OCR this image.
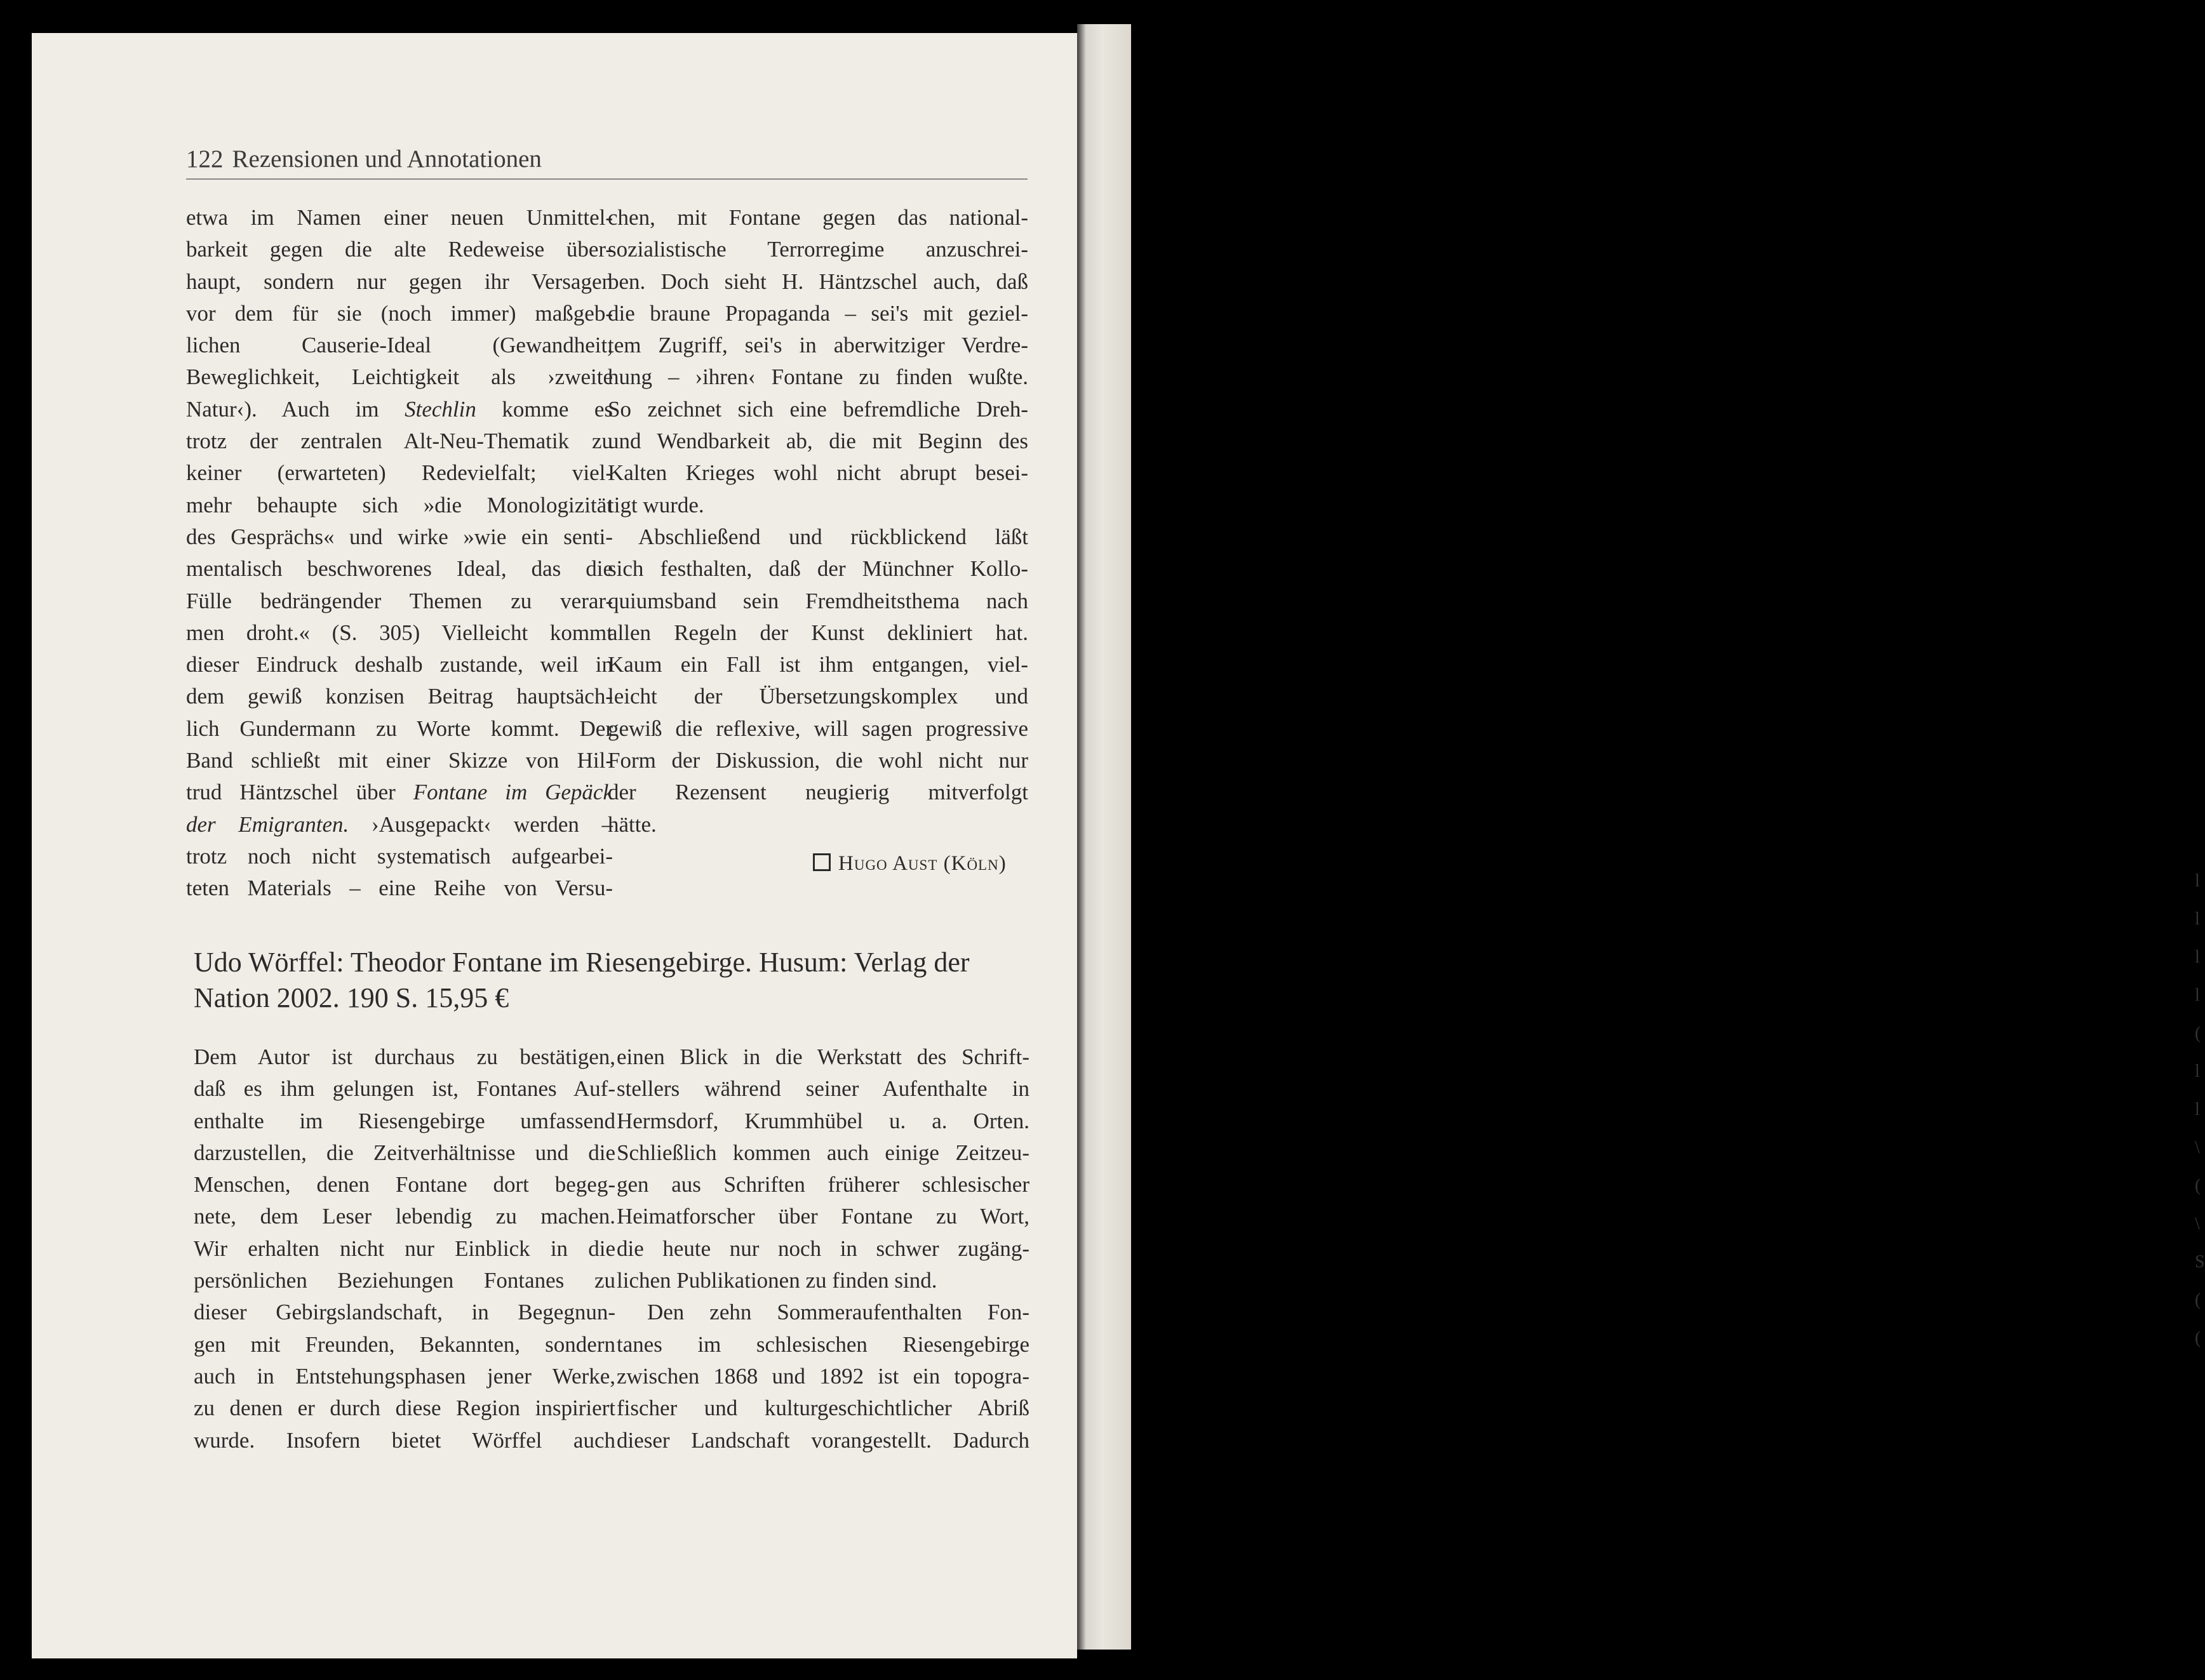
l
l
l
l
(
l
l
\
(
\
S
(
(
122 Rezensionen und Annotationen
etwa im Namen einer neuen Unmittel-
barkeit gegen die alte Redeweise über-
haupt, sondern nur gegen ihr Versagen
vor dem für sie (noch immer) maßgeb-
lichen Causerie-Ideal (Gewandheit,
Beweglichkeit, Leichtigkeit als ›zweite
Natur‹). Auch im Stechlin komme es
trotz der zentralen Alt-Neu-Thematik zu
keiner (erwarteten) Redevielfalt; viel-
mehr behaupte sich »die Monologizität
des Gesprächs« und wirke »wie ein senti-
mentalisch beschworenes Ideal, das die
Fülle bedrängender Themen zu verar-
men droht.« (S. 305) Vielleicht kommt
dieser Eindruck deshalb zustande, weil in
dem gewiß konzisen Beitrag hauptsäch-
lich Gundermann zu Worte kommt. Der
Band schließt mit einer Skizze von Hil-
trud Häntzschel über Fontane im Gepäck
der Emigranten. ›Ausgepackt‹ werden –
trotz noch nicht systematisch aufgearbei-
teten Materials – eine Reihe von Versu-
chen, mit Fontane gegen das national-
sozialistische Terrorregime anzuschrei-
ben. Doch sieht H. Häntzschel auch, daß
die braune Propaganda – sei's mit geziel-
tem Zugriff, sei's in aberwitziger Verdre-
hung – ›ihren‹ Fontane zu finden wußte.
So zeichnet sich eine befremdliche Dreh-
und Wendbarkeit ab, die mit Beginn des
Kalten Krieges wohl nicht abrupt besei-
tigt wurde.
Abschließend und rückblickend läßt
sich festhalten, daß der Münchner Kollo-
quiumsband sein Fremdheitsthema nach
allen Regeln der Kunst dekliniert hat.
Kaum ein Fall ist ihm entgangen, viel-
leicht der Übersetzungskomplex und
gewiß die reflexive, will sagen progressive
Form der Diskussion, die wohl nicht nur
der Rezensent neugierig mitverfolgt
hätte.
Hugo Aust (Köln)
Udo Wörffel: Theodor Fontane im Riesengebirge. Husum: Verlag der
Nation 2002. 190 S. 15,95 €
Dem Autor ist durchaus zu bestätigen,
daß es ihm gelungen ist, Fontanes Auf-
enthalte im Riesengebirge umfassend
darzustellen, die Zeitverhältnisse und die
Menschen, denen Fontane dort begeg-
nete, dem Leser lebendig zu machen.
Wir erhalten nicht nur Einblick in die
persönlichen Beziehungen Fontanes zu
dieser Gebirgslandschaft, in Begegnun-
gen mit Freunden, Bekannten, sondern
auch in Entstehungsphasen jener Werke,
zu denen er durch diese Region inspiriert
wurde. Insofern bietet Wörffel auch
einen Blick in die Werkstatt des Schrift-
stellers während seiner Aufenthalte in
Hermsdorf, Krummhübel u. a. Orten.
Schließlich kommen auch einige Zeitzeu-
gen aus Schriften früherer schlesischer
Heimatforscher über Fontane zu Wort,
die heute nur noch in schwer zugäng-
lichen Publikationen zu finden sind.
Den zehn Sommeraufenthalten Fon-
tanes im schlesischen Riesengebirge
zwischen 1868 und 1892 ist ein topogra-
fischer und kulturgeschichtlicher Abriß
dieser Landschaft vorangestellt. Dadurch
